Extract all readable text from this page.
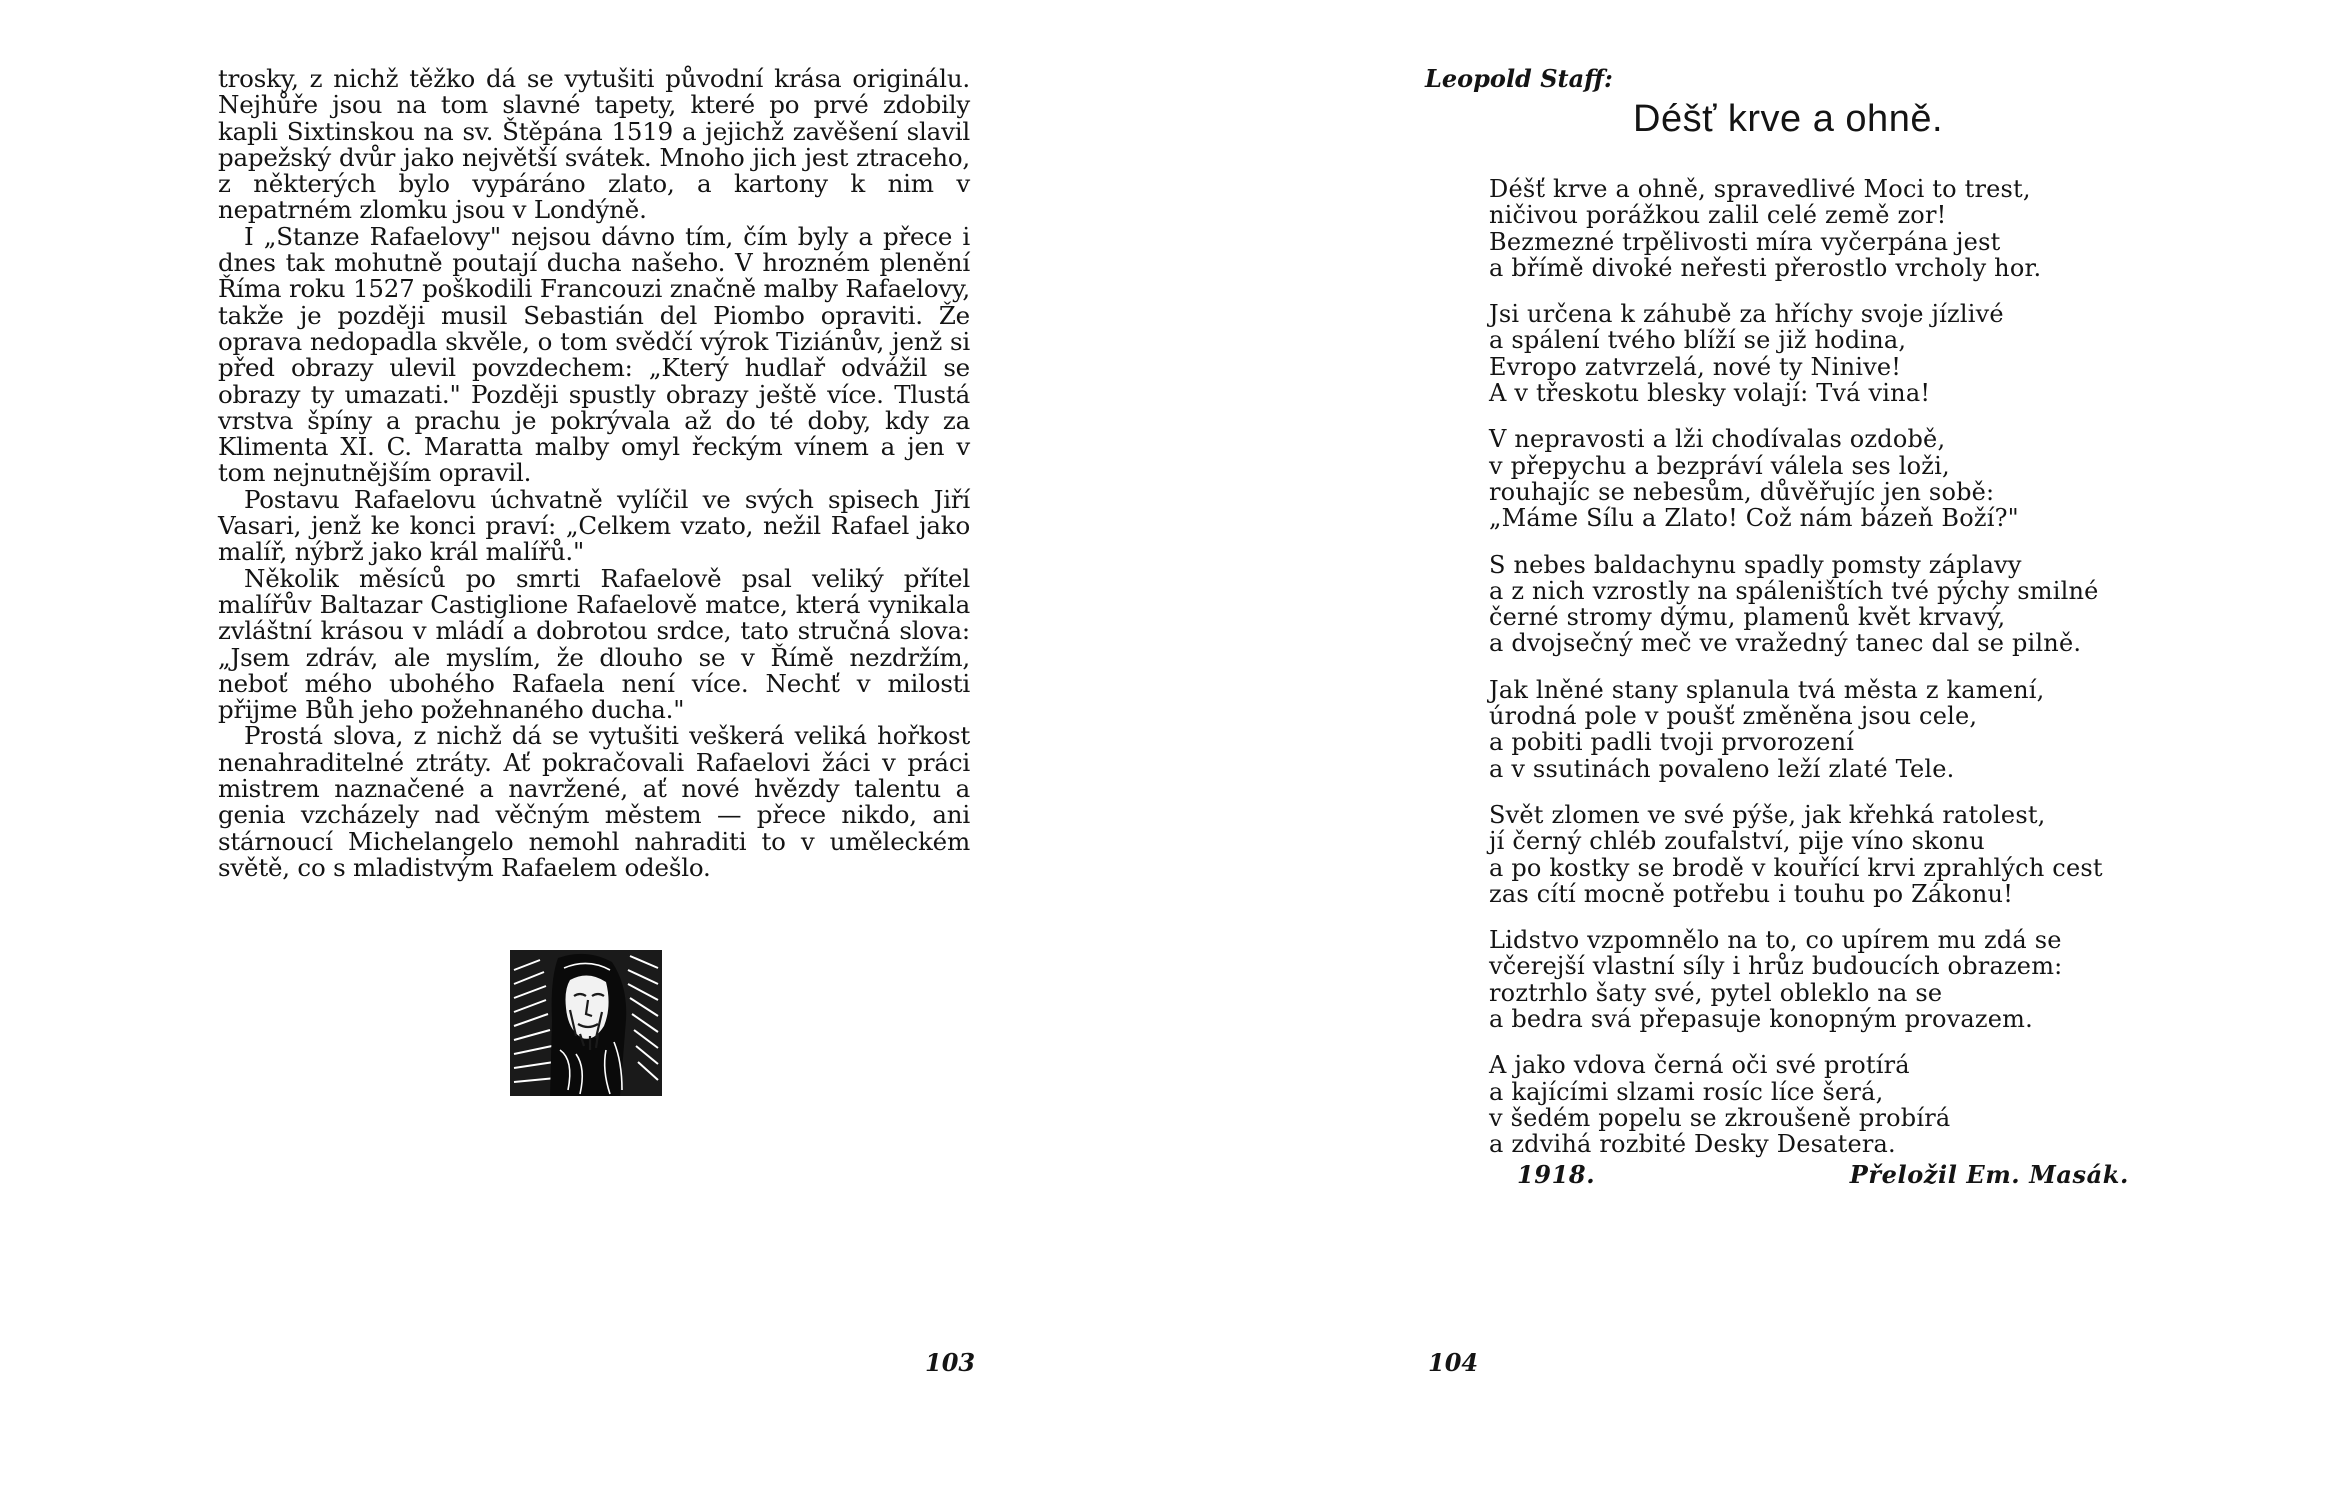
trosky, z nichž těžko dá se vytušiti původní krása originálu. Nejhůře jsou na tom slavné tapety, které po prvé zdobily kapli Sixtinskou na sv. Štěpána 1519 a jejichž zavěšení slavil papežský dvůr jako největší svátek. Mnoho jich jest ztraceho, z některých bylo vypáráno zlato, a kartony k nim v nepatrném zlomku jsou v Londýně.

I „Stanze Rafaelovy" nejsou dávno tím, čím byly a přece i dnes tak mohutně poutají ducha našeho. V hrozném plenění Říma roku 1527 poškodili Francouzi značně malby Rafaelovy, takže je později musil Sebastián del Piombo opraviti. Že oprava nedopadla skvěle, o tom svědčí výrok Tiziánův, jenž si před obrazy ulevil povzdechem: „Který hudlař odvážil se obrazy ty umazati." Později spustly obrazy ještě více. Tlustá vrstva špíny a prachu je pokrývala až do té doby, kdy za Klimenta XI. C. Maratta malby omyl řeckým vínem a jen v tom nejnutnějším opravil.

Postavu Rafaelovu úchvatně vylíčil ve svých spisech Jiří Vasari, jenž ke konci praví: „Celkem vzato, nežil Rafael jako malíř, nýbrž jako král malířů."

Několik měsíců po smrti Rafaelově psal veliký přítel malířův Baltazar Castiglione Rafaelově matce, která vynikala zvláštní krásou v mládí a dobrotou srdce, tato stručná slova: „Jsem zdráv, ale myslím, že dlouho se v Římě nezdržím, neboť mého ubohého Rafaela není více. Nechť v milosti přijme Bůh jeho požehnaného ducha."

Prostá slova, z nichž dá se vytušiti veškerá veliká hořkost nenahraditelné ztráty. Ať pokračovali Rafaelovi žáci v práci mistrem naznačené a navržené, ať nové hvězdy talentu a genia vzcházely nad věčným městem — přece nikdo, ani stárnoucí Michelangelo nemohl nahraditi to v uměleckém světě, co s mladistvým Rafaelem odešlo.

103
Leopold Staff:
Déšť krve a ohně.
Déšť krve a ohně, spravedlivé Moci to trest,
ničivou porážkou zalil celé země zor!
Bezmezné trpělivosti míra vyčerpána jest
a břímě divoké neřesti přerostlo vrcholy hor.
Jsi určena k záhubě za hříchy svoje jízlivé
a spálení tvého blíží se již hodina,
Evropo zatvrzelá, nové ty Ninive!
A v třeskotu blesky volají: Tvá vina!
V nepravosti a lži chodívalas ozdobě,
v přepychu a bezpráví válela ses loži,
rouhajíc se nebesům, důvěřujíc jen sobě:
„Máme Sílu a Zlato! Což nám bázeň Boží?"
S nebes baldachynu spadly pomsty záplavy
a z nich vzrostly na spáleništích tvé pýchy smilné
černé stromy dýmu, plamenů květ krvavý,
a dvojsečný meč ve vražedný tanec dal se pilně.
Jak lněné stany splanula tvá města z kamení,
úrodná pole v poušť změněna jsou cele,
a pobiti padli tvoji prvorození
a v ssutinách povaleno leží zlaté Tele.
Svět zlomen ve své pýše, jak křehká ratolest,
jí černý chléb zoufalství, pije víno skonu
a po kostky se brodě v kouřící krvi zprahlých cest
zas cítí mocně potřebu i touhu po Zákonu!
Lidstvo vzpomnělo na to, co upírem mu zdá se
včerejší vlastní síly i hrůz budoucích obrazem:
roztrhlo šaty své, pytel obleklo na se
a bedra svá přepasuje konopným provazem.
A jako vdova černá oči své protírá
a kajícími slzami rosíc líce šerá,
v šedém popelu se zkroušeně probírá
a zdvihá rozbité Desky Desatera.
1918.	Přeložil Em. Masák.
104
